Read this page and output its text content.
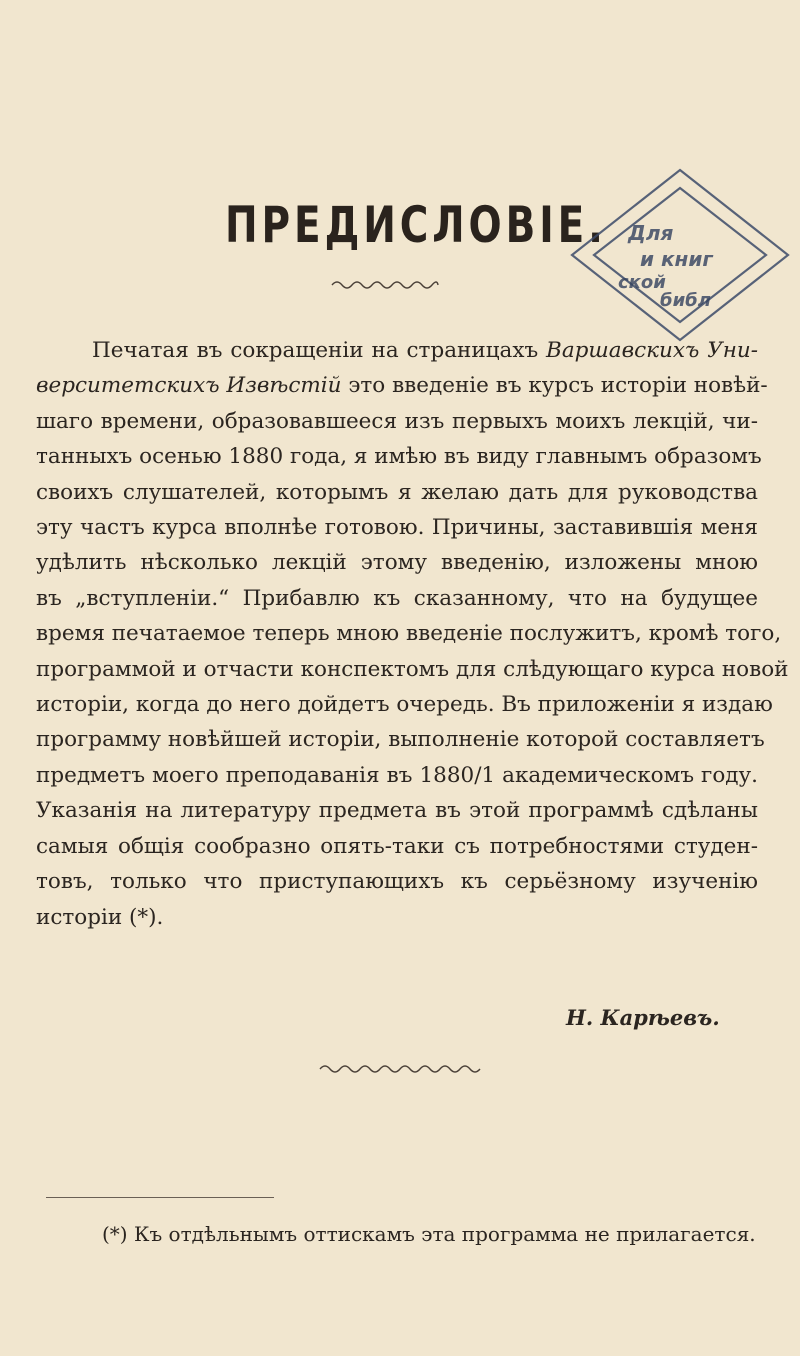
ПРЕДИСЛОВІЕ. Для
и книг
ской
библ
Печатая въ сокращеніи на страницахъ Варшавскихъ Уни-
верситетскихъ Извѣстій это введеніе въ курсъ исторіи новѣй-
шаго времени, образовавшееся изъ первыхъ моихъ лекцій, чи-
танныхъ осенью 1880 года, я имѣю въ виду главнымъ образомъ
своихъ слушателей, которымъ я желаю дать для руководства
эту частъ курса вполнѣе готовою. Причины, заставившія меня
удѣлить нѣсколько лекцій этому введенію, изложены мною
въ „вступленіи.“ Прибавлю къ сказанному, что на будущее
время печатаемое теперь мною введеніе послужитъ, кромѣ того,
программой и отчасти конспектомъ для слѣдующаго курса новой
исторіи, когда до него дойдетъ очередь. Въ приложеніи я издаю
программу новѣйшей исторіи, выполненіе которой составляетъ
предметъ моего преподаванія въ 1880/1 академическомъ году.
Указанія на литературу предмета въ этой программѣ сдѣланы
самыя общія сообразно опять-таки съ потребностями студен-
товъ, только что приступающихъ къ серьёзному изученію
исторіи (*).
Н. Карѣевъ.
(*) Къ отдѣльнымъ оттискамъ эта программа не прилагается.
